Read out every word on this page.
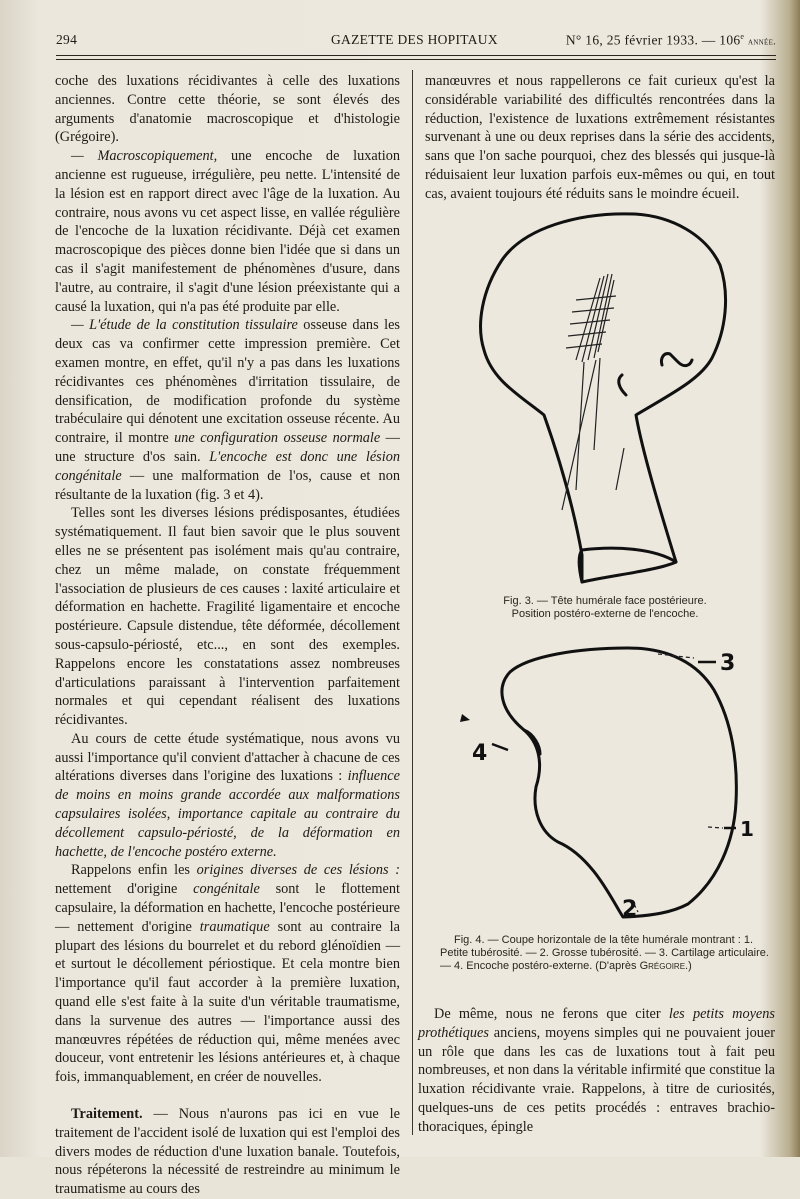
294	GAZETTE DES HOPITAUX	N° 16, 25 février 1933. — 106e année.

coche des luxations récidivantes à celle des luxations anciennes. Contre cette théorie, se sont élevés des arguments d'anatomie macroscopique et d'histologie (Grégoire).

— Macroscopiquement, une encoche de luxation ancienne est rugueuse, irrégulière, peu nette. L'intensité de la lésion est en rapport direct avec l'âge de la luxation. Au contraire, nous avons vu cet aspect lisse, en vallée régulière de l'encoche de la luxation récidivante. Déjà cet examen macroscopique des pièces donne bien l'idée que si dans un cas il s'agit manifestement de phénomènes d'usure, dans l'autre, au contraire, il s'agit d'une lésion préexistante qui a causé la luxation, qui n'a pas été produite par elle.

— L'étude de la constitution tissulaire osseuse dans les deux cas va confirmer cette impression première. Cet examen montre, en effet, qu'il n'y a pas dans les luxations récidivantes ces phénomènes d'irritation tissulaire, de densification, de modification profonde du système trabéculaire qui dénotent une excitation osseuse récente. Au contraire, il montre une configuration osseuse normale — une structure d'os sain. L'encoche est donc une lésion congénitale — une malformation de l'os, cause et non résultante de la luxation (fig. 3 et 4).

Telles sont les diverses lésions prédisposantes, étudiées systématiquement. Il faut bien savoir que le plus souvent elles ne se présentent pas isolément mais qu'au contraire, chez un même malade, on constate fréquemment l'association de plusieurs de ces causes : laxité articulaire et déformation en hachette. Fragilité ligamentaire et encoche postérieure. Capsule distendue, tête déformée, décollement sous-capsulo-périosté, etc..., en sont des exemples. Rappelons encore les constatations assez nombreuses d'articulations paraissant à l'intervention parfaitement normales et qui cependant réalisent des luxations récidivantes.

Au cours de cette étude systématique, nous avons vu aussi l'importance qu'il convient d'attacher à chacune de ces altérations diverses dans l'origine des luxations : influence de moins en moins grande accordée aux malformations capsulaires isolées, importance capitale au contraire du décollement capsulo-périosté, de la déformation en hachette, de l'encoche postéro externe.

Rappelons enfin les origines diverses de ces lésions : nettement d'origine congénitale sont le flottement capsulaire, la déformation en hachette, l'encoche postérieure — nettement d'origine traumatique sont au contraire la plupart des lésions du bourrelet et du rebord glénoïdien — et surtout le décollement périostique. Et cela montre bien l'importance qu'il faut accorder à la première luxation, quand elle s'est faite à la suite d'un véritable traumatisme, dans la survenue des autres — l'importance aussi des manœuvres répétées de réduction qui, même menées avec douceur, vont entretenir les lésions antérieures et, à chaque fois, immanquablement, en créer de nouvelles.

Traitement. — Nous n'aurons pas ici en vue le traitement de l'accident isolé de luxation qui est l'emploi des divers modes de réduction d'une luxation banale. Toutefois, nous répéterons la nécessité de restreindre au minimum le traumatisme au cours des

manœuvres et nous rappellerons ce fait curieux qu'est la considérable variabilité des difficultés rencontrées dans la réduction, l'existence de luxations extrêmement résistantes survenant à une ou deux reprises dans la série des accidents, sans que l'on sache pourquoi, chez des blessés qui jusque-là réduisaient leur luxation parfois eux-mêmes ou qui, en tout cas, avaient toujours été réduits sans le moindre écueil.

Fig. 3. — Tête humérale face postérieure.
Position postéro-externe de l'encoche.
3
4
1
2
Fig. 4. — Coupe horizontale de la tête humérale montrant : 1. Petite tubérosité. — 2. Grosse tubérosité. — 3. Cartilage articulaire. — 4. Encoche postéro-externe. (D'après Grégoire.)

De même, nous ne ferons que citer les petits moyens prothétiques anciens, moyens simples qui ne pouvaient jouer un rôle que dans les cas de luxations tout à fait peu nombreuses, et non dans la véritable infirmité que constitue la luxation récidivante vraie. Rappelons, à titre de curiosités, quelques-uns de ces petits procédés : entraves brachio-thoraciques, épingle
